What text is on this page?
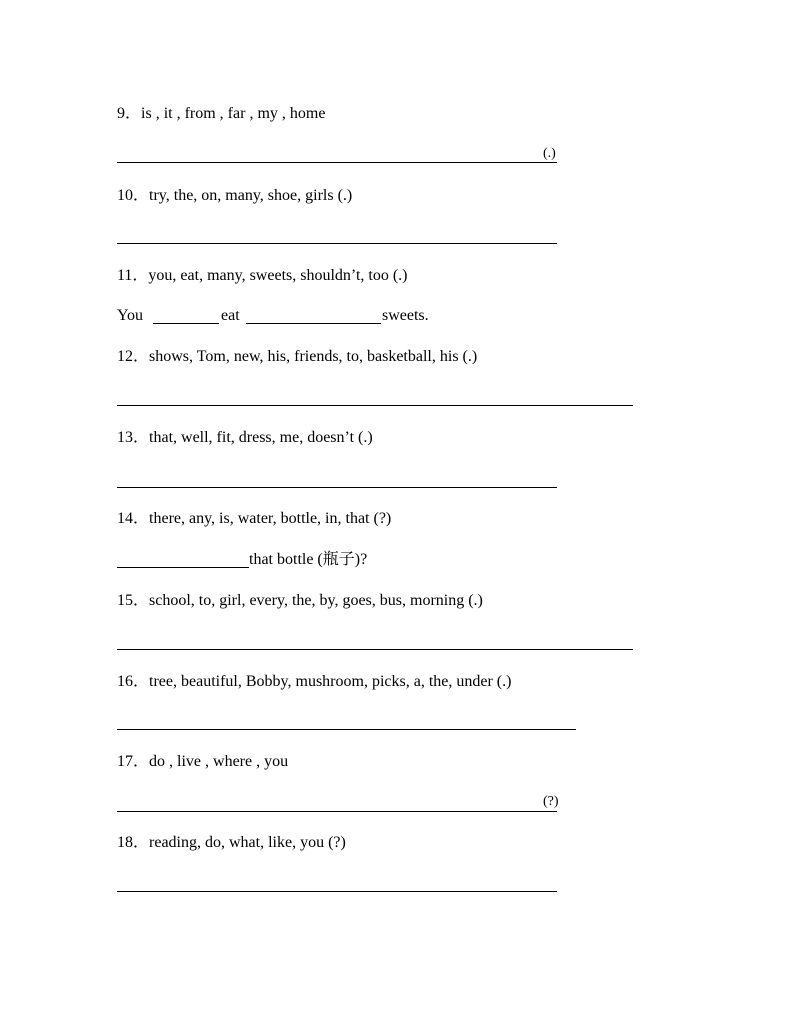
9．is , it , from , far , my , home
(.)
10．try, the, on, many, shoe, girls (.)
11．you, eat, many, sweets, shouldn’t, too (.)
You	eat	sweets.
12．shows, Tom, new, his, friends, to, basketball, his (.)
13．that, well, fit, dress, me, doesn’t (.)
14．there, any, is, water, bottle, in, that (?)
that bottle (瓶子)?
15．school, to, girl, every, the, by, goes, bus, morning (.)
16．tree, beautiful, Bobby, mushroom, picks, a, the, under (.)
17．do , live , where , you
(?)
18．reading, do, what, like, you (?)
